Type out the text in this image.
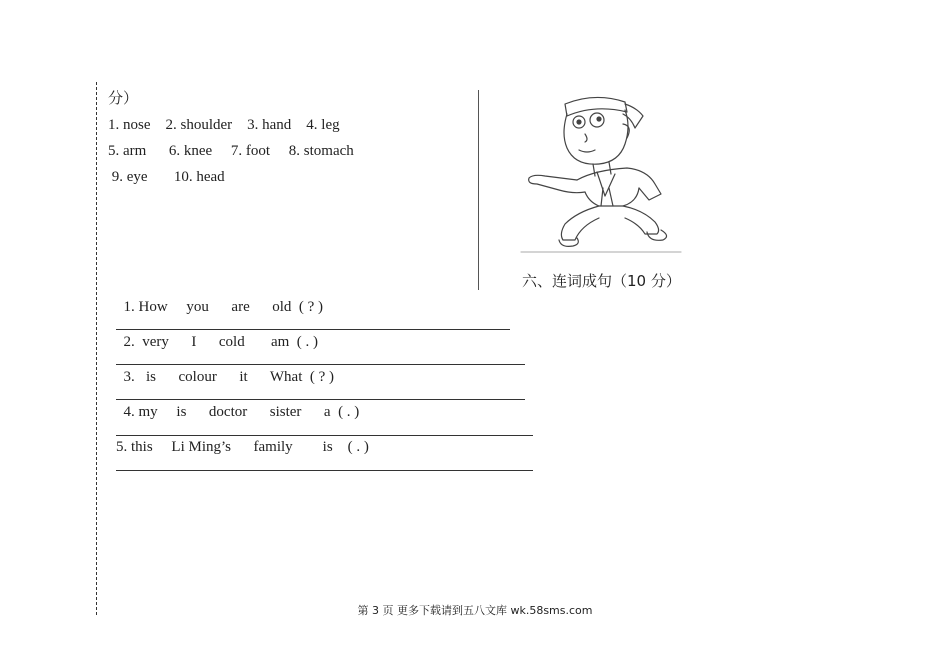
分）
1. nose    2. shoulder    3. hand    4. leg
5. arm      6. knee     7. foot     8. stomach
9. eye       10. head
六、连词成句（10 分）
1. How     you      are      old  ( ? )
2.  very      I      cold       am  ( . )
3.   is      colour      it      What  ( ? )
4. my     is      doctor      sister      a  ( . )
5. this     Li Ming’s      family        is    ( . )
第 3 页 更多下载请到五八文库 wk.58sms.com
